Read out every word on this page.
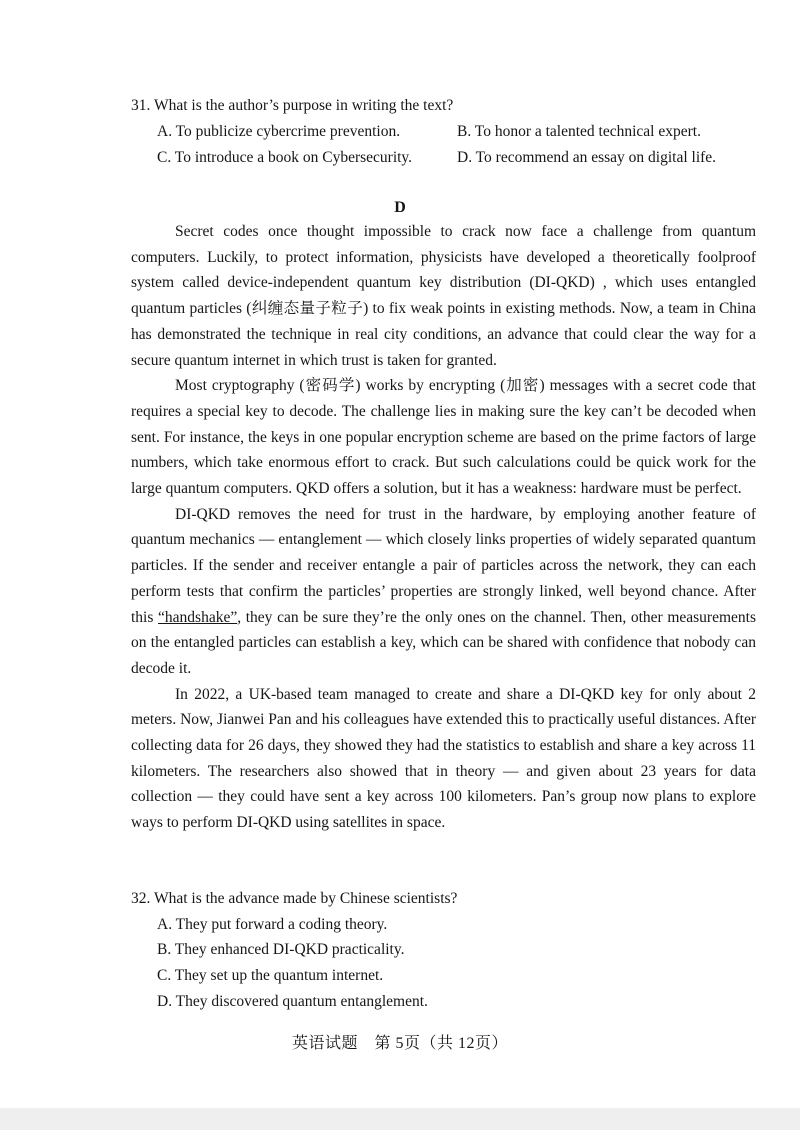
31. What is the author’s purpose in writing the text?
A. To publicize cybercrime prevention.	B. To honor a talented technical expert.
C. To introduce a book on Cybersecurity.	D. To recommend an essay on digital life.
D

Secret codes once thought impossible to crack now face a challenge from quantum computers. Luckily, to protect information, physicists have developed a theoretically foolproof system called device-independent quantum key distribution (DI-QKD) , which uses entangled quantum particles (纠缠态量子粒子) to fix weak points in existing methods. Now, a team in China has demonstrated the technique in real city conditions, an advance that could clear the way for a secure quantum internet in which trust is taken for granted.

Most cryptography (密码学) works by encrypting (加密) messages with a secret code that requires a special key to decode. The challenge lies in making sure the key can’t be decoded when sent. For instance, the keys in one popular encryption scheme are based on the prime factors of large numbers, which take enormous effort to crack. But such calculations could be quick work for the large quantum computers. QKD offers a solution, but it has a weakness: hardware must be perfect.

DI-QKD removes the need for trust in the hardware, by employing another feature of quantum mechanics — entanglement — which closely links properties of widely separated quantum particles. If the sender and receiver entangle a pair of particles across the network, they can each perform tests that confirm the particles’ properties are strongly linked, well beyond chance. After this “handshake”, they can be sure they’re the only ones on the channel. Then, other measurements on the entangled particles can establish a key, which can be shared with confidence that nobody can decode it.

In 2022, a UK-based team managed to create and share a DI-QKD key for only about 2 meters. Now, Jianwei Pan and his colleagues have extended this to practically useful distances. After collecting data for 26 days, they showed they had the statistics to establish and share a key across 11 kilometers. The researchers also showed that in theory — and given about 23 years for data collection — they could have sent a key across 100 kilometers. Pan’s group now plans to explore ways to perform DI-QKD using satellites in space.

32. What is the advance made by Chinese scientists?
A. They put forward a coding theory.
B. They enhanced DI-QKD practicality.
C. They set up the quantum internet.
D. They discovered quantum entanglement.
英语试题　第 5页（共 12页）
